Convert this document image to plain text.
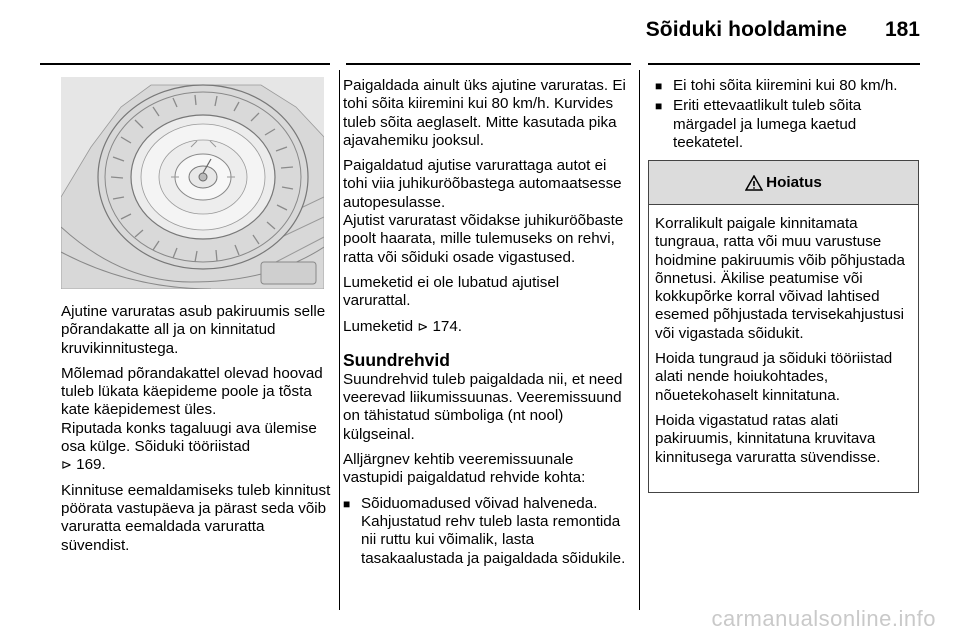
Sõiduki hooldamine 181

Ajutine varuratas asub pakiruumis selle põrandakatte all ja on kinnitatud kruvikinnitustega.

Mõlemad põrandakattel olevad hoovad tuleb lükata käepideme poole ja tõsta kate käepidemest üles.

Riputada konks tagaluugi ava ülemise osa külge. Sõiduki tööriistad
⊳ 169.

Kinnituse eemaldamiseks tuleb kinnitust pöörata vastupäeva ja pärast seda võib varuratta eemaldada varuratta süvendist.

Paigaldada ainult üks ajutine varuratas. Ei tohi sõita kiiremini kui 80 km/h. Kurvides tuleb sõita aeglaselt. Mitte kasutada pika ajavahemiku jooksul.

Paigaldatud ajutise varurattaga autot ei tohi viia juhikuröõbastega automaatsesse autopesulasse.

Ajutist varuratast võidakse juhikuröõbaste poolt haarata, mille tulemuseks on rehvi, ratta või sõiduki osade vigastused.

Lumeketid ei ole lubatud ajutisel varurattal.

Lumeketid ⊳ 174.

Suundrehvid

Suundrehvid tuleb paigaldada nii, et need veerevad liikumissuunas. Veeremissuund on tähistatud sümboliga (nt nool) külgseinal.

Alljärgnev kehtib veeremissuunale vastupidi paigaldatud rehvide kohta:

■ Sõiduomadused võivad halveneda. Kahjustatud rehv tuleb lasta remontida nii ruttu kui võimalik, lasta tasakaalustada ja paigaldada sõidukile.
■ Ei tohi sõita kiiremini kui 80 km/h.
■ Eriti ettevaatlikult tuleb sõita märgadel ja lumega kaetud teekatetel.
Hoiatus

Korralikult paigale kinnitamata tungraua, ratta või muu varustuse hoidmine pakiruumis võib põhjustada õnnetusi. Äkilise peatumise või kokkupõrke korral võivad lahtised esemed põhjustada tervisekahjustusi või vigastada sõidukit.

Hoida tungraud ja sõiduki tööriistad alati nende hoiukohtades, nõuetekohaselt kinnitatuna.

Hoida vigastatud ratas alati pakiruumis, kinnitatuna kruvitava kinnitusega varuratta süvendisse.

carmanualsonline.info
